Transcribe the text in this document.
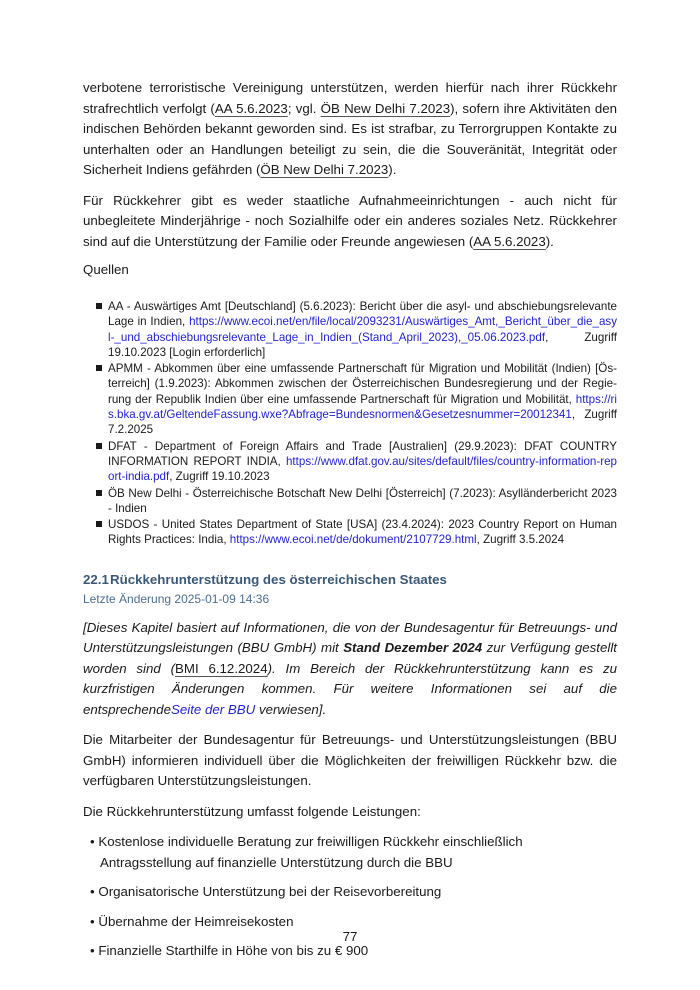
verbotene terroristische Vereinigung unterstützen, werden hierfür nach ihrer Rückkehr strafrechtlich verfolgt (AA 5.6.2023; vgl. ÖB New Delhi 7.2023), sofern ihre Aktivitäten den indischen Behörden bekannt geworden sind. Es ist strafbar, zu Terrorgruppen Kontakte zu unterhalten oder an Handlungen beteiligt zu sein, die die Souveränität, Integrität oder Sicherheit Indiens gefährden (ÖB New Delhi 7.2023).

Für Rückkehrer gibt es weder staatliche Aufnahmeeinrichtungen - auch nicht für unbegleitete Minderjährige - noch Sozialhilfe oder ein anderes soziales Netz. Rückkehrer sind auf die Unterstützung der Familie oder Freunde angewiesen (AA 5.6.2023).

Quellen

AA - Auswärtiges Amt [Deutschland] (5.6.2023): Bericht über die asyl- und abschiebungsrelevante Lage in Indien, https://www.ecoi.net/en/file/local/2093231/Auswärtiges_Amt,_Bericht_über_die_asyl-_und_abschiebungsrelevante_Lage_in_Indien_(Stand_April_2023),_05.06.2023.pdf, Zugriff 19.10.2023 [Login erforderlich]
APMM - Abkommen über eine umfassende Partnerschaft für Migration und Mobilität (Indien) [Österreich] (1.9.2023): Abkommen zwischen der Österreichischen Bundesregierung und der Regierung der Republik Indien über eine umfassende Partnerschaft für Migration und Mobilität, https://ris.bka.gv.at/GeltendeFassung.wxe?Abfrage=Bundesnormen&Gesetzesnummer=20012341, Zugriff 7.2.2025
DFAT - Department of Foreign Affairs and Trade [Australien] (29.9.2023): DFAT COUNTRY INFORMATION REPORT INDIA, https://www.dfat.gov.au/sites/default/files/country-information-report-india.pdf, Zugriff 19.10.2023
ÖB New Delhi - Österreichische Botschaft New Delhi [Österreich] (7.2023): Asylländerbericht 2023 - Indien
USDOS - United States Department of State [USA] (23.4.2024): 2023 Country Report on Human Rights Practices: India, https://www.ecoi.net/de/dokument/2107729.html, Zugriff 3.5.2024
22.1Rückkehrunterstützung des österreichischen Staates
Letzte Änderung 2025-01-09 14:36

[Dieses Kapitel basiert auf Informationen, die von der Bundesagentur für Betreuungs- und Unterstützungsleistungen (BBU GmbH) mit Stand Dezember 2024 zur Verfügung gestellt worden sind (BMI 6.12.2024). Im Bereich der Rückkehrunterstützung kann es zu kurzfristigen Änderungen kommen. Für weitere Informationen sei auf die entsprechendeSeite der BBU verwiesen].

Die Mitarbeiter der Bundesagentur für Betreuungs- und Unterstützungsleistungen (BBU GmbH) informieren individuell über die Möglichkeiten der freiwilligen Rückkehr bzw. die verfügbaren Unterstützungsleistungen.

Die Rückkehrunterstützung umfasst folgende Leistungen:

• Kostenlose individuelle Beratung zur freiwilligen Rückkehr einschließlich Antragsstellung auf finanzielle Unterstützung durch die BBU
• Organisatorische Unterstützung bei der Reisevorbereitung
• Übernahme der Heimreisekosten
• Finanzielle Starthilfe in Höhe von bis zu € 900
77
